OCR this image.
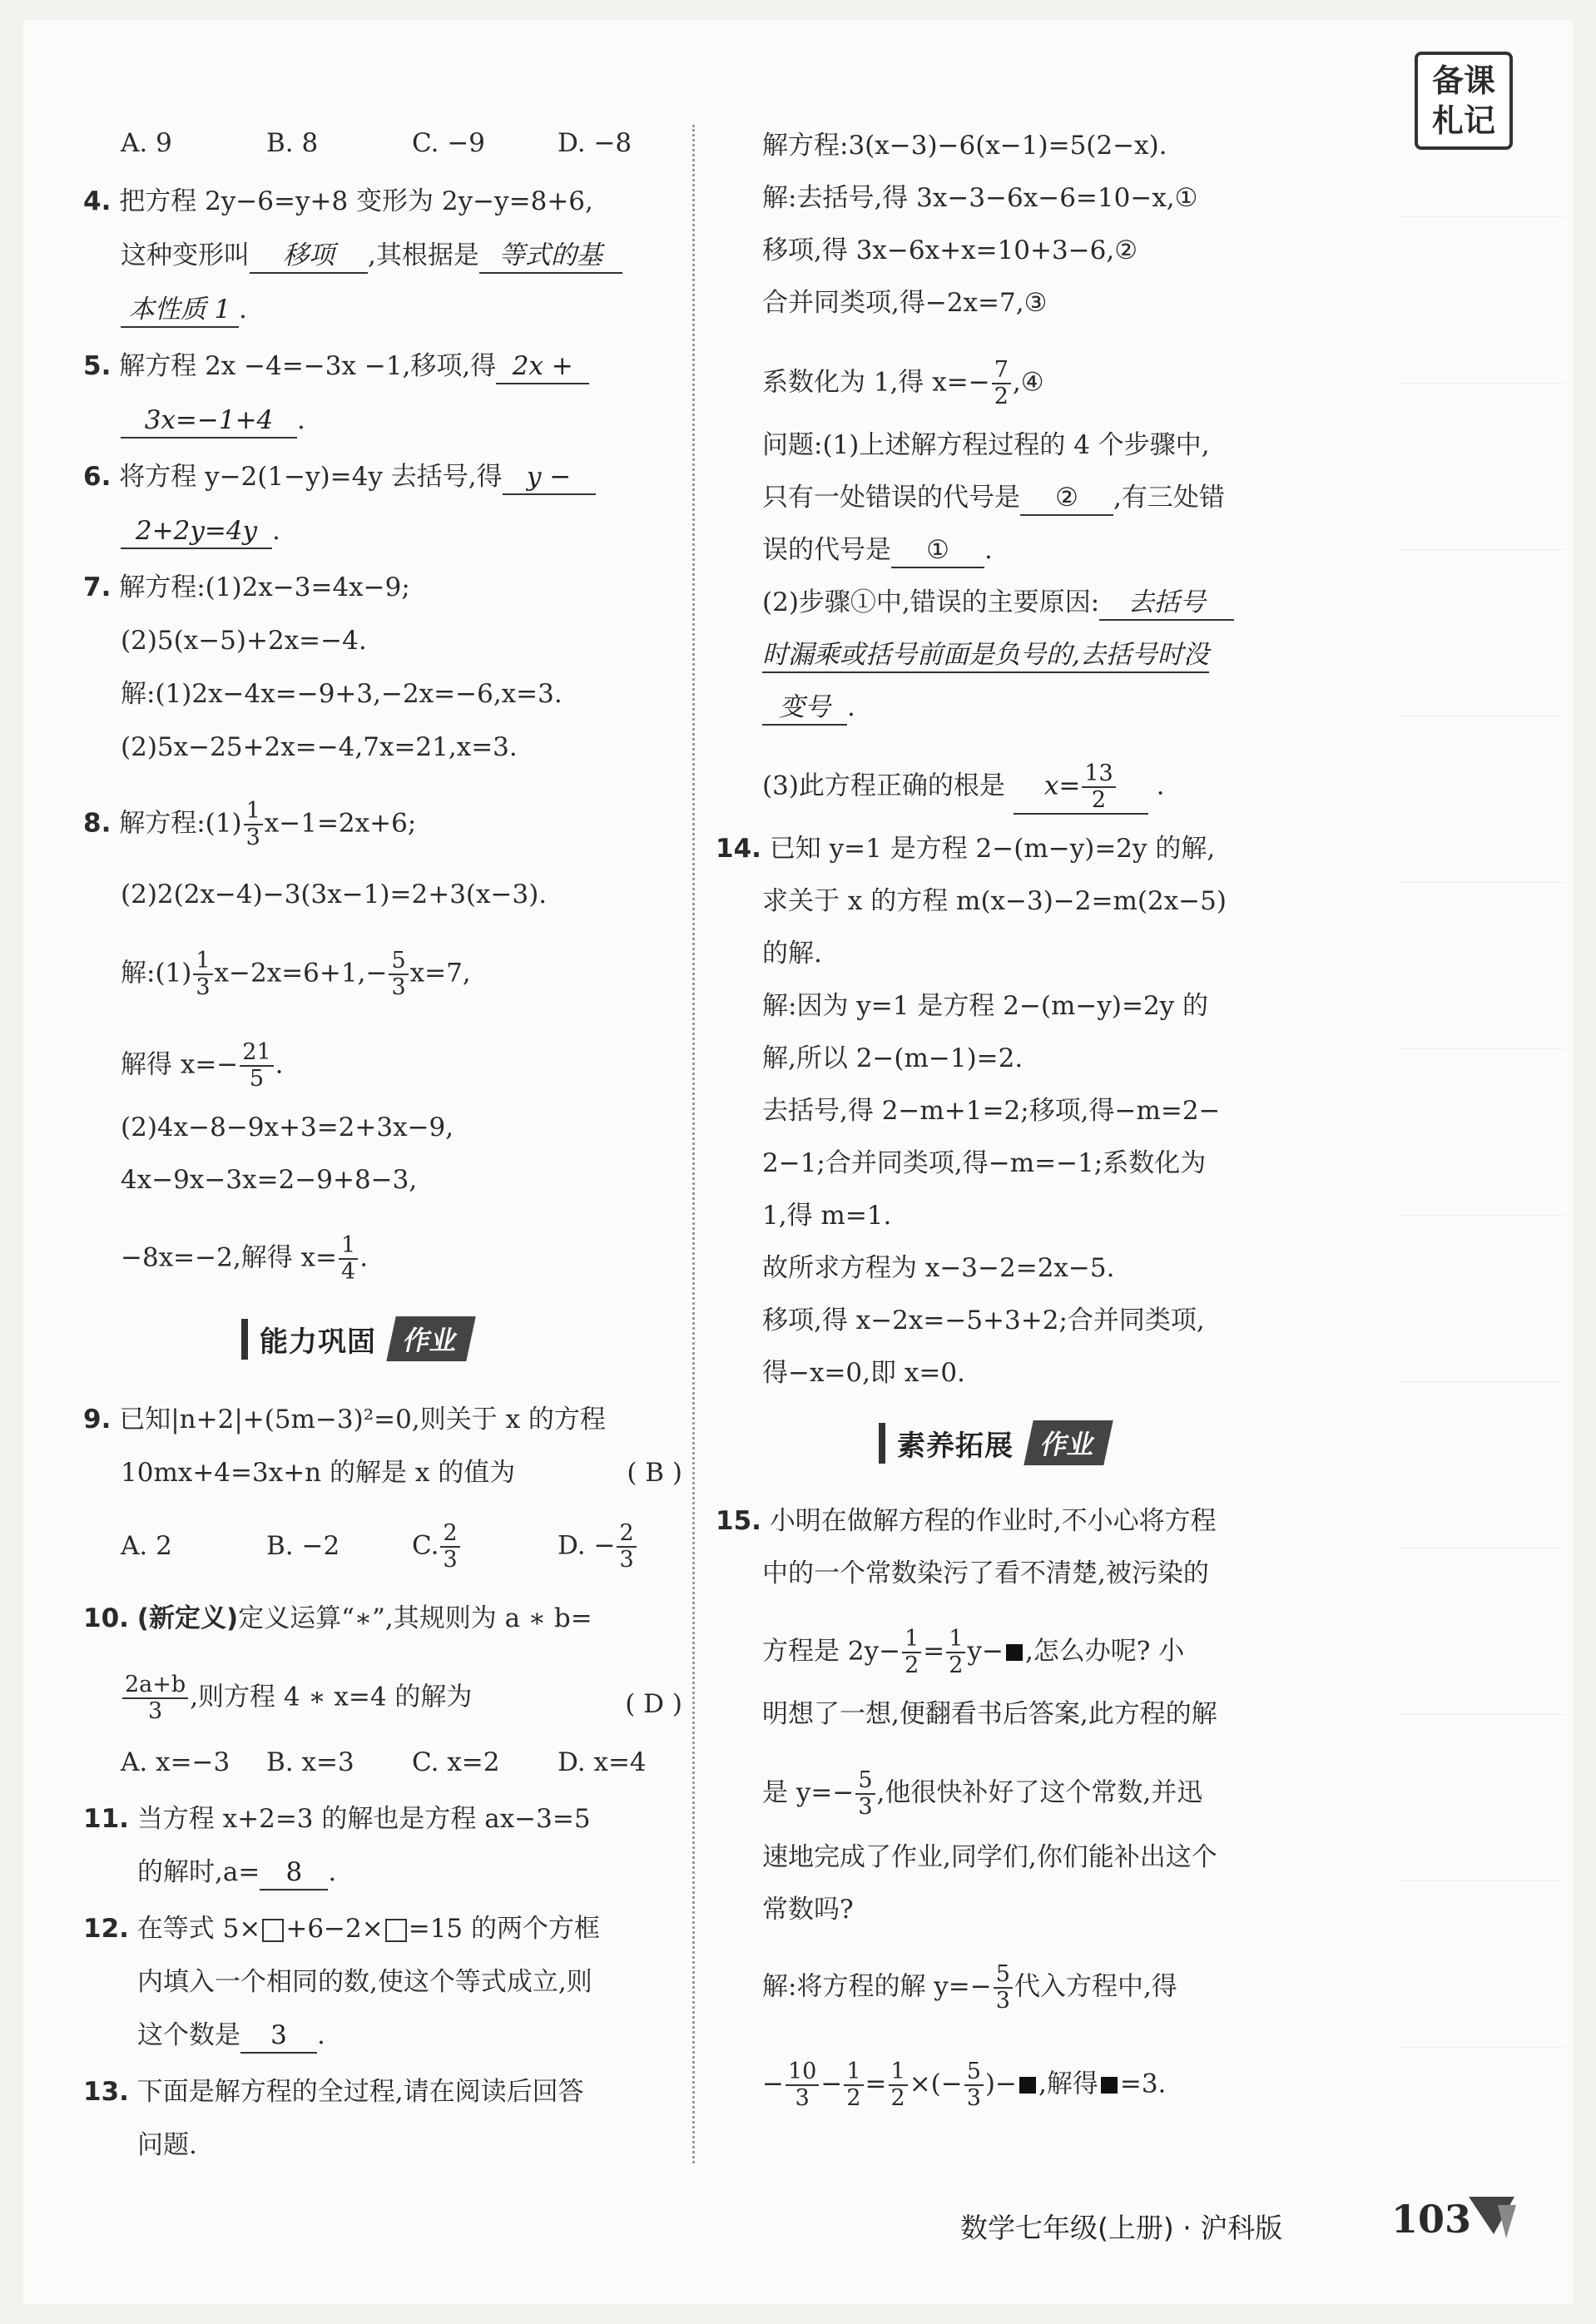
备课
札记
A. 9	B. 8	C. −9	D. −8
4. 把方程 2y−6=y+8 变形为 2y−y=8+6,
这种变形叫 移项 ,其根据是 等式的基
本性质 1 .
5. 解方程 2x −4=−3x −1,移项,得 2x +
3x=−1+4 .
6. 将方程 y−2(1−y)=4y 去括号,得 y −
2+2y=4y .
7. 解方程:(1)2x−3=4x−9;
(2)5(x−5)+2x=−4.
解:(1)2x−4x=−9+3,−2x=−6,x=3.
(2)5x−25+2x=−4,7x=21,x=3.
8. 解方程:(1) $\frac{1}{3} x-1=2x+6$;
(2)2(2x−4)−3(3x−1)=2+3(x−3).
解:(1) $\frac{1}{3} x-2x=6+1,- \frac{5}{3} x=7$,
解得 $x=- \frac{21}{5}$ .
(2)4x−8−9x+3=2+3x−9,
4x−9x−3x=2−9+8−3,
−8x=−2,解得 $x= \frac{1}{4}$ .
能力巩固 作业
9. 已知|n+2|+(5m−3)²=0,则关于 x 的方程
10mx+4=3x+n 的解是 x 的值为	( B )
A. 2	B. −2	C. $\frac{2}{3}$	D. − $\frac{2}{3}$
10. (新定义)定义运算“∗”,其规则为 a ∗ b=
$\frac{2a+b}{3}$ ,则方程 4 ∗ x=4 的解为	( D )
A. x=−3 B. x=3 C. x=2 D. x=4
11. 当方程 x+2=3 的解也是方程 ax−3=5
的解时,a= 8 .
12. 在等式 5× +6−2× =15 的两个方框
内填入一个相同的数,使这个等式成立,则
这个数是 3 .
13. 下面是解方程的全过程,请在阅读后回答
问题.
解方程:3(x−3)−6(x−1)=5(2−x).
解:去括号,得 3x−3−6x−6=10−x,①
移项,得 3x−6x+x=10+3−6,②
合并同类项,得−2x=7,③
系数化为 1,得 $x=- \frac{7}{2}$ ,④
问题:(1)上述解方程过程的 4 个步骤中,
只有一处错误的代号是 ② ,有三处错
误的代号是 ① .
(2)步骤①中,错误的主要原因: 去括号
时漏乘或括号前面是负号的,去括号时没
变号 .
(3)此方程正确的根是 $x= \frac{13}{2}$ .
14. 已知 y=1 是方程 2−(m−y)=2y 的解,
求关于 x 的方程 m(x−3)−2=m(2x−5)
的解.
解:因为 y=1 是方程 2−(m−y)=2y 的
解,所以 2−(m−1)=2.
去括号,得 2−m+1=2;移项,得−m=2−
2−1;合并同类项,得−m=−1;系数化为
1,得 m=1.
故所求方程为 x−3−2=2x−5.
移项,得 x−2x=−5+3+2;合并同类项,
得−x=0,即 x=0.
素养拓展 作业
15. 小明在做解方程的作业时,不小心将方程
中的一个常数染污了看不清楚,被污染的
方程是 $2y- \frac{1}{2} = \frac{1}{2} y-$ ,怎么办呢? 小
明想了一想,便翻看书后答案,此方程的解
是 $y=- \frac{5}{3}$ ,他很快补好了这个常数,并迅
速地完成了作业,同学们,你们能补出这个
常数吗?
解:将方程的解 $y=- \frac{5}{3}$ 代入方程中,得
− $\frac{10}{3} - \frac{1}{2} = \frac{1}{2}$ ×(− $\frac{5}{3}$ )− ,解得 =3.
数学七年级(上册) · 沪科版	103
